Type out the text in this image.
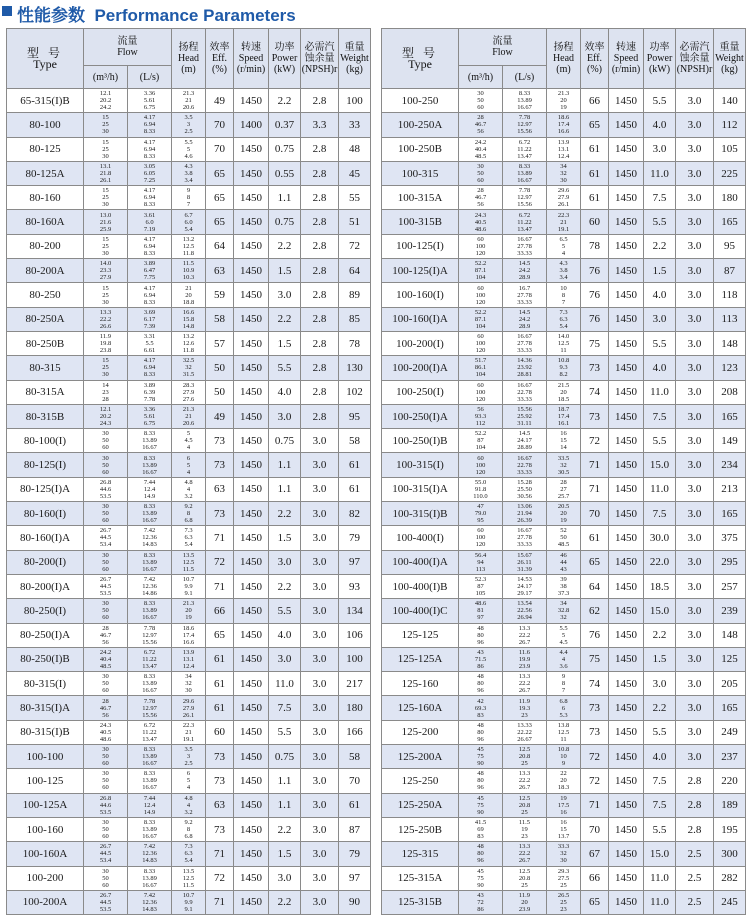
性能参数 Performance Parameters
型 号
Type	流量
Flow		扬程
Head
(m)	效率
Eff.
(%)	转速
Speed
(r/min)	功率
Power
(kW)	必需汽蚀余量
(NPSH)r	重量
Weight
(kg)

	(m³/h)	(L/s)						
65-315(I)B	12.1
20.2
24.2	3.36
5.61
6.75	21.3
21
20.6	49	1450	2.2	2.8	100
80-100	15
25
30	4.17
6.94
8.33	3.5
3
2.5	70	1400	0.37	3.3	33
80-125	15
25
30	4.17
6.94
8.33	5.5
5
4.6	70	1450	0.75	2.8	48
80-125A	13.1
21.8
26.1	3.05
6.05
7.25	4.3
3.8
3.4	65	1450	0.55	2.8	45
80-160	15
25
30	4.17
6.94
8.33	9
8
7	65	1450	1.1	2.8	55
80-160A	13.0
21.6
25.9	3.61
6.0
7.19	6.7
6.0
5.4	65	1450	0.75	2.8	51
80-200	15
25
30	4.17
6.94
8.33	13.2
12.5
11.8	64	1450	2.2	2.8	72
80-200A	14.0
23.3
27.9	3.89
6.47
7.75	11.5
10.9
10.3	63	1450	1.5	2.8	64
80-250	15
25
30	4.17
6.94
8.33	21
20
18.8	59	1450	3.0	2.8	89
80-250A	13.3
22.2
26.6	3.69
6.17
7.39	16.6
15.8
14.8	58	1450	2.2	2.8	85
80-250B	11.9
19.8
23.8	3.31
5.5
6.61	13.2
12.6
11.8	57	1450	1.5	2.8	78
80-315	15
25
30	4.17
6.94
8.33	32.5
32
31.5	50	1450	5.5	2.8	130
80-315A	14
23
28	3.89
6.39
7.78	28.3
27.9
27.6	50	1450	4.0	2.8	102
80-315B	12.1
20.2
24.3	3.36
5.61
6.75	21.3
21
20.6	49	1450	3.0	2.8	95
80-100(I)	30
50
60	8.33
13.89
16.67	5
4.5
4	73	1450	0.75	3.0	58
80-125(I)	30
50
60	8.33
13.89
16.67	6
5
4	73	1450	1.1	3.0	61
80-125(I)A	26.8
44.6
53.5	7.44
12.4
14.9	4.8
4
3.2	63	1450	1.1	3.0	61
80-160(I)	30
50
60	8.33
13.89
16.67	9.2
8
6.8	73	1450	2.2	3.0	82
80-160(I)A	26.7
44.5
53.4	7.42
12.36
14.83	7.3
6.3
5.4	71	1450	1.5	3.0	79
80-200(I)	30
50
60	8.33
13.89
16.67	13.5
12.5
11.5	72	1450	3.0	3.0	97
80-200(I)A	26.7
44.5
53.5	7.42
12.36
14.86	10.7
9.9
9.1	71	1450	2.2	3.0	93
80-250(I)	30
50
60	8.33
13.89
16.67	21.3
20
19	66	1450	5.5	3.0	134
80-250(I)A	28
46.7
56	7.78
12.97
15.56	18.6
17.4
16.6	65	1450	4.0	3.0	106
80-250(I)B	24.2
40.4
48.5	6.72
11.22
13.47	13.9
13.1
12.4	61	1450	3.0	3.0	100
80-315(I)	30
50
60	8.33
13.89
16.67	34
32
30	61	1450	11.0	3.0	217
80-315(I)A	28
46.7
56	7.78
12.97
15.56	29.6
27.9
26.1	61	1450	7.5	3.0	180
80-315(I)B	24.3
40.5
48.6	6.72
11.22
13.47	22.3
21
19.1	60	1450	5.5	3.0	166
100-100	30
50
60	8.33
13.89
16.67	3.5
3
2.5	73	1450	0.75	3.0	58
100-125	30
50
60	8.33
13.89
16.67	6
5
4	73	1450	1.1	3.0	70
100-125A	26.8
44.6
53.5	7.44
12.4
14.9	4.8
4
3.2	63	1450	1.1	3.0	61
100-160	30
50
60	8.33
13.89
16.67	9.2
8
6.8	73	1450	2.2	3.0	87
100-160A	26.7
44.5
53.4	7.42
12.36
14.83	7.3
6.3
5.4	71	1450	1.5	3.0	79
100-200	30
50
60	8.33
13.89
16.67	13.5
12.5
11.5	72	1450	3.0	3.0	97
100-200A	26.7
44.5
53.5	7.42
12.36
14.83	10.7
9.9
9.1	71	1450	2.2	3.0	90
型 号
Type	流量
Flow		扬程
Head
(m)	效率
Eff.
(%)	转速
Speed
(r/min)	功率
Power
(kW)	必需汽蚀余量
(NPSH)r	重量
Weight
(kg)

	(m³/h)	(L/s)						
100-250	30
50
60	8.33
13.89
16.67	21.3
20
19	66	1450	5.5	3.0	140
100-250A	28
46.7
56	7.78
12.97
15.56	18.6
17.4
16.6	65	1450	4.0	3.0	112
100-250B	24.2
40.4
48.5	6.72
11.22
13.47	13.9
13.1
12.4	61	1450	3.0	3.0	105
100-315	30
50
60	8.33
13.89
16.67	34
32
30	61	1450	11.0	3.0	225
100-315A	28
46.7
56	7.78
12.97
15.56	29.6
27.9
26.1	61	1450	7.5	3.0	180
100-315B	24.3
40.5
48.6	6.72
11.22
13.47	22.3
21
19.1	60	1450	5.5	3.0	165
100-125(I)	60
100
120	16.67
27.78
33.33	6.5
5
4	78	1450	2.2	3.0	95
100-125(I)A	52.2
87.1
104	14.5
24.2
28.9	4.3
3.8
3.4	76	1450	1.5	3.0	87
100-160(I)	60
100
120	16.7
27.78
33.33	10
8
7	76	1450	4.0	3.0	118
100-160(I)A	52.2
87.1
104	14.5
24.2
28.9	7.3
6.3
5.4	76	1450	3.0	3.0	113
100-200(I)	60
100
120	16.67
27.78
33.33	14.0
12.5
11	75	1450	5.5	3.0	148
100-200(I)A	51.7
86.1
104	14.36
23.92
28.81	10.8
9.3
8.2	73	1450	4.0	3.0	123
100-250(I)	60
100
120	16.67
22.78
33.33	21.5
20
18.5	74	1450	11.0	3.0	208
100-250(I)A	56
93.3
112	15.56
25.92
31.11	18.7
17.4
16.1	73	1450	7.5	3.0	165
100-250(I)B	52.2
87
104	14.5
24.17
28.89	16
15
14	72	1450	5.5	3.0	149
100-315(I)	60
100
120	16.67
22.78
33.33	33.5
32
30.5	71	1450	15.0	3.0	234
100-315(I)A	55.0
91.8
110.0	15.28
25.50
30.56	28
27
25.7	71	1450	11.0	3.0	213
100-315(I)B	47
79.0
95	13.06
21.94
26.39	20.5
20
19	70	1450	7.5	3.0	165
100-400(I)	60
100
120	16.67
27.78
33.33	52
50
48.5	61	1450	30.0	3.0	375
100-400(I)A	56.4
94
113	15.67
26.11
31.39	46
44
43	65	1450	22.0	3.0	295
100-400(I)B	52.3
87
105	14.53
24.17
29.17	39
38
37.3	64	1450	18.5	3.0	257
100-400(I)C	48.6
81
97	13.54
22.56
26.94	34
32.8
32	62	1450	15.0	3.0	239
125-125	48
80
96	13.3
22.2
26.7	5.5
5
4.5	76	1450	2.2	3.0	148
125-125A	43
71.5
86	11.6
19.9
23.9	4.4
4
3.6	75	1450	1.5	3.0	125
125-160	48
80
96	13.3
22.2
26.7	9
8
7	74	1450	3.0	3.0	205
125-160A	42
69.3
83	11.9
19.3
23	6.8
6
5.3	73	1450	2.2	3.0	165
125-200	48
80
96	13.33
22.22
26.67	13.8
12.5
11	73	1450	5.5	3.0	249
125-200A	45
75
90	12.5
20.8
25	10.8
10
9	72	1450	4.0	3.0	237
125-250	48
80
96	13.3
22.2
26.7	22
20
18.3	72	1450	7.5	2.8	220
125-250A	45
75
90	12.5
20.8
25	19
17.5
16	71	1450	7.5	2.8	189
125-250B	41.5
69
83	11.5
19
23	16
15
13.7	70	1450	5.5	2.8	195
125-315	48
80
96	13.3
22.2
26.7	33.3
32
30	67	1450	15.0	2.5	300
125-315A	45
75
90	12.5
20.8
25	29.3
27.5
25	66	1450	11.0	2.5	282
125-315B	43
72
86	11.9
20
23.9	26.5
25
23	65	1450	11.0	2.5	245
